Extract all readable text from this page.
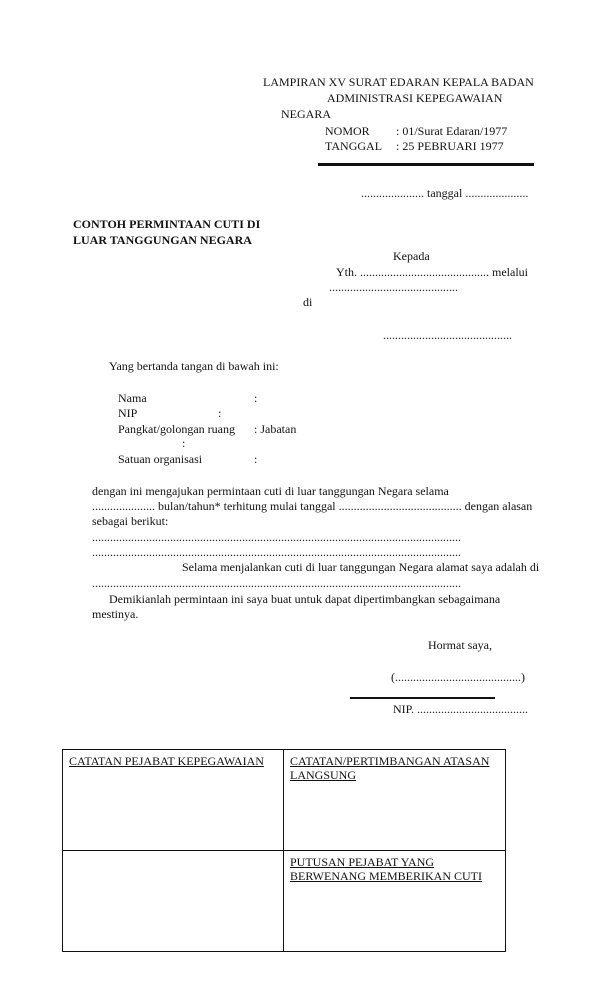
LAMPIRAN XV SURAT EDARAN KEPALA BADAN
ADMINISTRASI KEPEGAWAIAN
NEGARA
NOMOR : 01/Surat Edaran/1977
TANGGAL : 25 PEBRUARI 1977
..................... tanggal .....................
CONTOH PERMINTAAN CUTI DI
LUAR TANGGUNGAN NEGARA
Kepada
Yth. ........................................... melalui
...........................................
di
...........................................
Yang bertanda tangan di bawah ini:
Nama	:
NIP	:
Pangkat/golongan ruang : Jabatan
:
Satuan organisasi	:
dengan ini mengajukan permintaan cuti di luar tanggungan Negara selama
..................... bulan/tahun* terhitung mulai tanggal ......................................... dengan alasan
sebagai berikut:
...........................................................................................................................
...........................................................................................................................
Selama menjalankan cuti di luar tanggungan Negara alamat saya adalah di
...........................................................................................................................
Demikianlah permintaan ini saya buat untuk dapat dipertimbangkan sebagaimana
mestinya.
Hormat saya,
(..........................................)
NIP. .....................................
CATATAN PEJABAT KEPEGAWAIAN	CATATAN/PERTIMBANGAN ATASAN
LANGSUNG
	PUTUSAN PEJABAT YANG
BERWENANG MEMBERIKAN CUTI
